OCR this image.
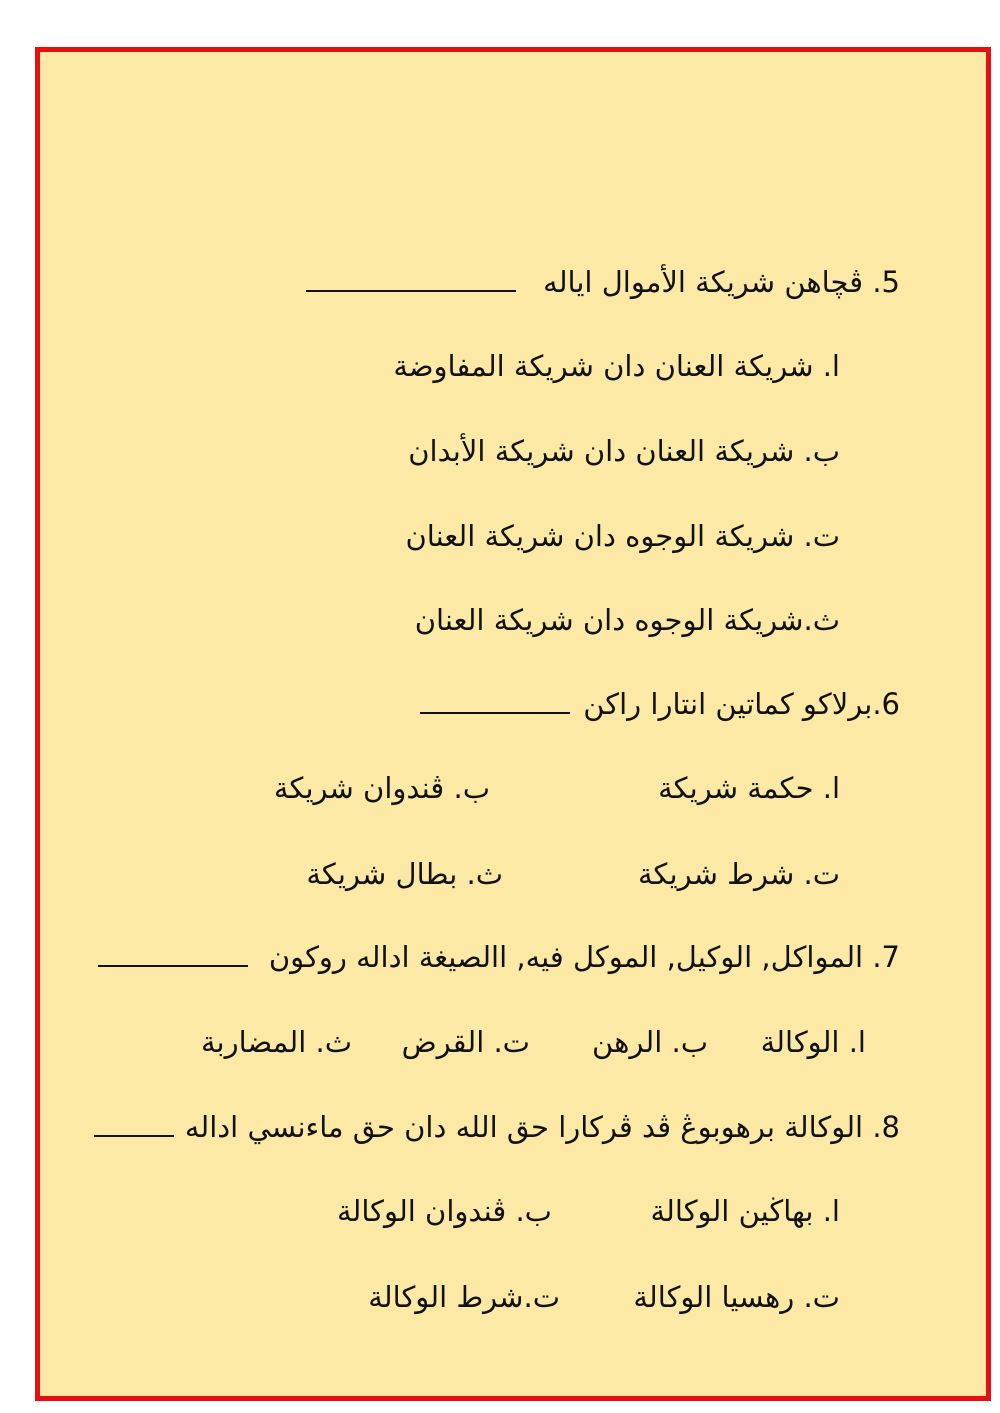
5. ڤچاهن شريكة الأموال اياله
ا. شريكة العنان دان شريكة المفاوضة
ب. شريكة العنان دان شريكة الأبدان
ت. شريكة الوجوه دان شريكة العنان
ث.شريكة الوجوه دان شريكة العنان
6.برلاكو كماتين انتارا راکن
ا. حكمة شريكة
ب. ڤندوان شريكة
ت. شرط شريكة
ث. بطال شريكة
7. المواكل, الوكيل, الموكل فيه, االصيغة اداله روكون
ا. الوكالة
ب. الرهن
ت. القرض
ث. المضاربة
8. الوكالة برهوبوڠ ڤد ڤركارا حق الله دان حق ماءنسي اداله
ا. بهاڬين الوكالة
ب. ڤندوان الوكالة
ت. رهسيا الوكالة
ت.شرط الوكالة
